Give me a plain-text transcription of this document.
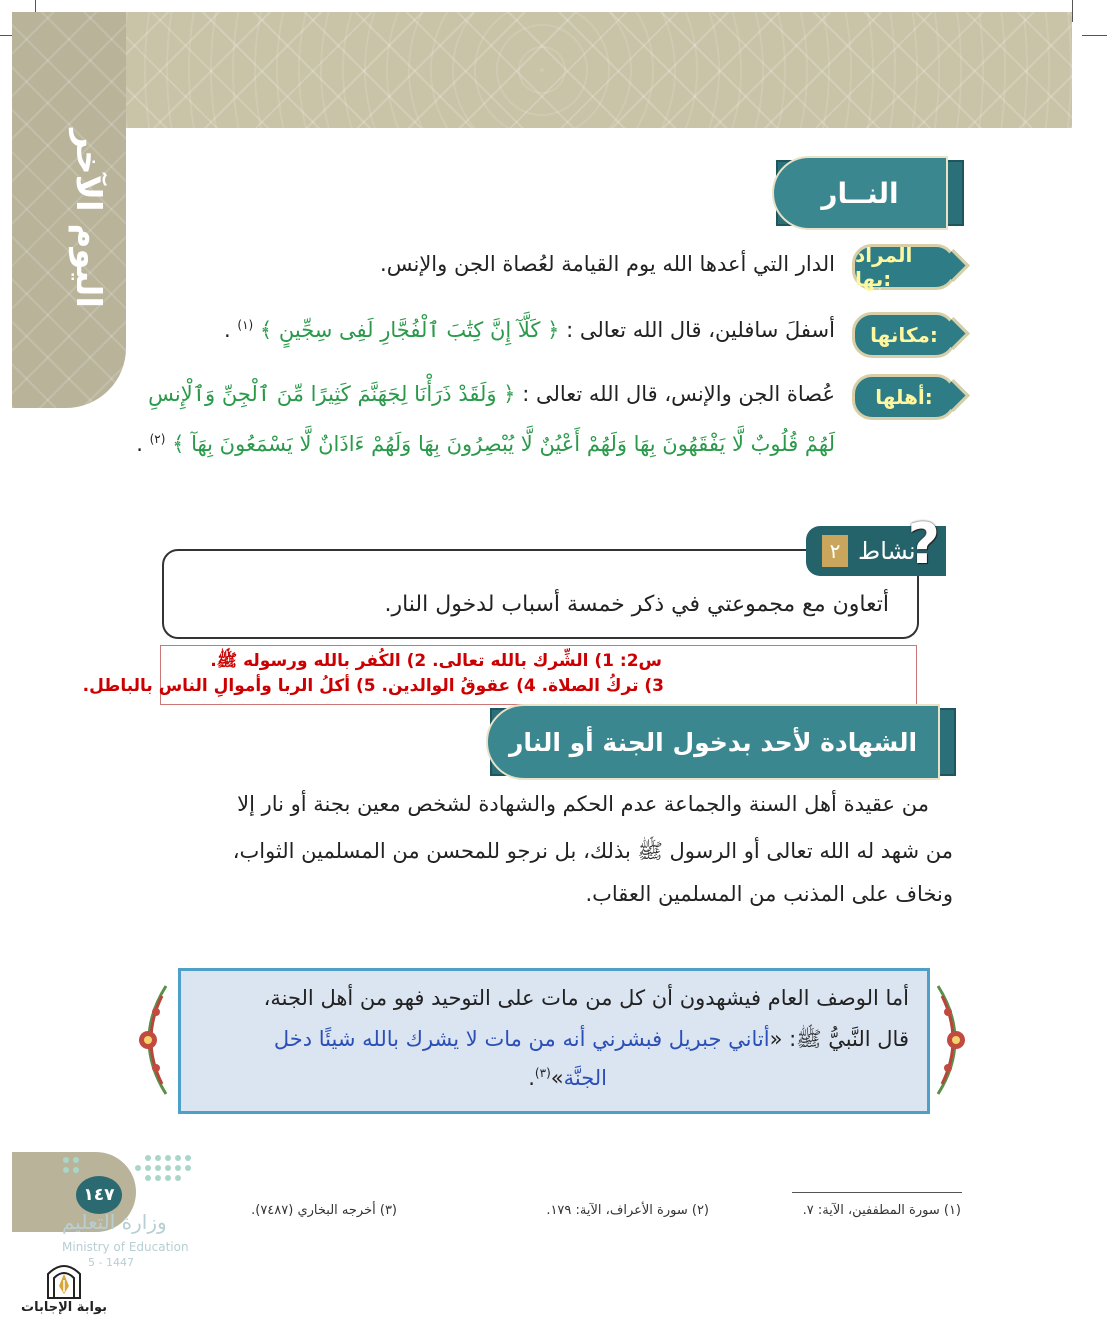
اليوم الآخر	النــار
المراد بها:
الدار التي أعدها الله يوم القيامة لعُصاة الجن والإنس.
مكانها:
أسفلَ سافلين، قال الله تعالى : ﴿ كَلَّآ إِنَّ كِتَٰبَ ٱلْفُجَّارِ لَفِى سِجِّينٍ ﴾ $^{(١)}$ .
أهلها:
عُصاة الجن والإنس، قال الله تعالى : ﴿ وَلَقَدْ ذَرَأْنَا لِجَهَنَّمَ كَثِيرًا مِّنَ ٱلْجِنِّ وَٱلْإِنسِ
لَهُمْ قُلُوبٌ لَّا يَفْقَهُونَ بِهَا وَلَهُمْ أَعْيُنٌ لَّا يُبْصِرُونَ بِهَا وَلَهُمْ ءَاذَانٌ لَّا يَسْمَعُونَ بِهَآ ﴾ $^{(٢)}$ .
٢ نشاط
?
أتعاون مع مجموعتي في ذكر خمسة أسباب لدخول النار.
س2: 1) الشِّرك بالله تعالى. 2) الكُفر بالله ورسوله ﷺ.
3) تركُ الصلاة. 4) عقوقُ الوالدين. 5) أكلُ الربا وأموالِ الناس بالباطل.
الشهادة لأحد بدخول الجنة أو النار
من عقيدة أهل السنة والجماعة عدم الحكم والشهادة لشخص معين بجنة أو نار إلا
من شهد له الله تعالى أو الرسول ﷺ بذلك، بل نرجو للمحسن من المسلمين الثواب،
ونخاف على المذنب من المسلمين العقاب.
أما الوصف العام فيشهدون أن كل من مات على التوحيد فهو من أهل الجنة،
قال النَّبيُّ ﷺ: «أتاني جبريل فبشرني أنه من مات لا يشرك بالله شيئًا دخل
الجنَّة»$^{(٣)}$.
(١) سورة المطففين، الآية: ٧.
(٢) سورة الأعراف، الآية: ١٧٩.
(٣) أخرجه البخاري (٧٤٨٧).
١٤٧
وزارة التعليم
Ministry of Education
5 - 1447
بوابة الإجابات
